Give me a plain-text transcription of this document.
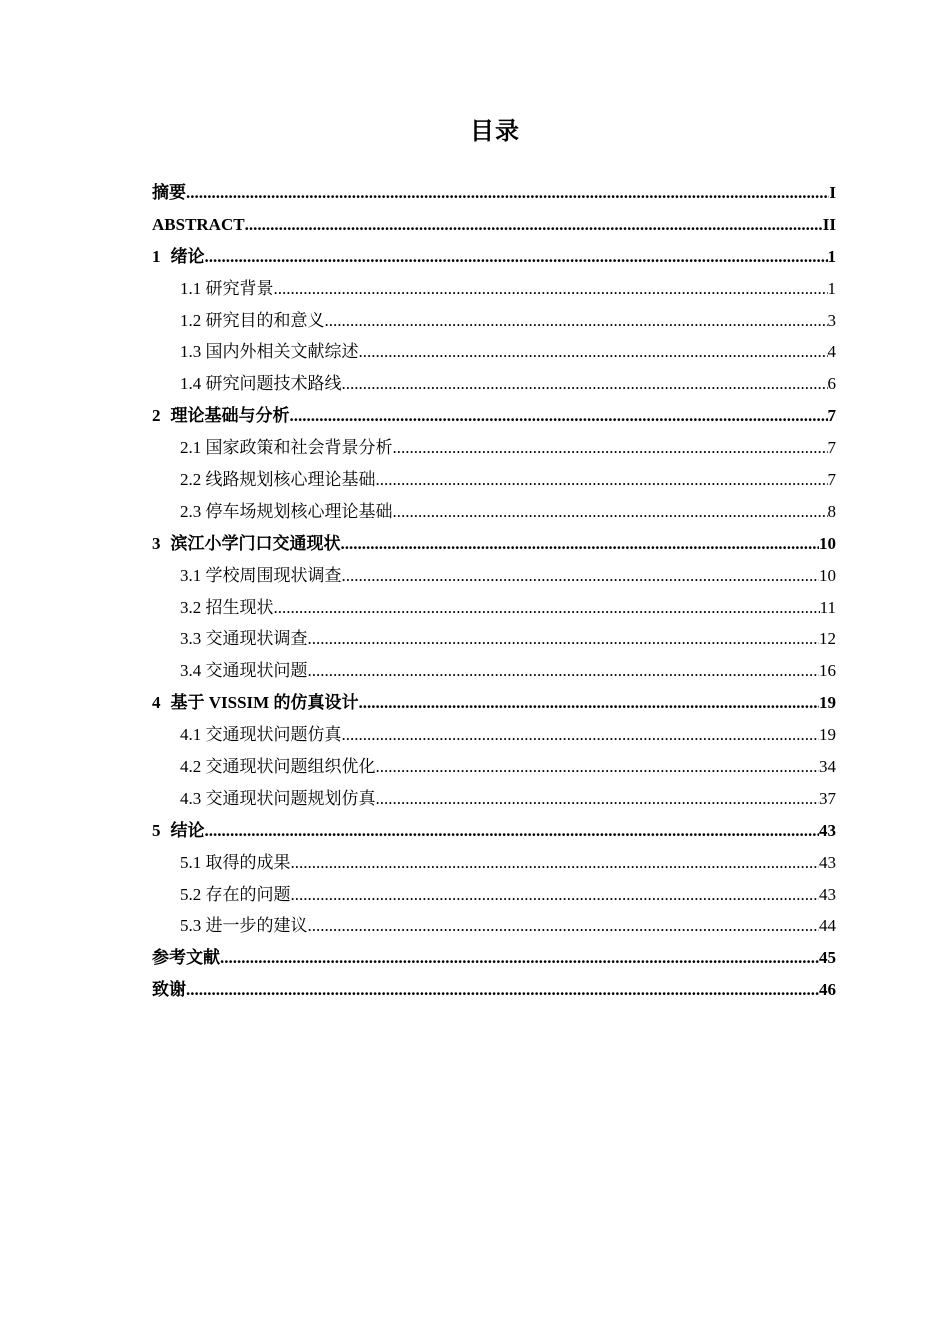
目录
摘要 .....	I
ABSTRACT .....	II
1 绪论 .....	1
1.1 研究背景 .....	1
1.2 研究目的和意义 .....	3
1.3 国内外相关文献综述 .....	4
1.4 研究问题技术路线 .....	6
2 理论基础与分析 .....	7
2.1 国家政策和社会背景分析 .....	7
2.2 线路规划核心理论基础 .....	7
2.3 停车场规划核心理论基础 .....	8
3 滨江小学门口交通现状 .....	10
3.1 学校周围现状调查 .....	10
3.2 招生现状 .....	11
3.3 交通现状调查 .....	12
3.4 交通现状问题 .....	16
4 基于 VISSIM 的仿真设计 .....	19
4.1 交通现状问题仿真 .....	19
4.2 交通现状问题组织优化 .....	34
4.3 交通现状问题规划仿真 .....	37
5 结论 .....	43
5.1 取得的成果 .....	43
5.2 存在的问题 .....	43
5.3 进一步的建议 .....	44
参考文献 .....	45
致谢 .....	46
